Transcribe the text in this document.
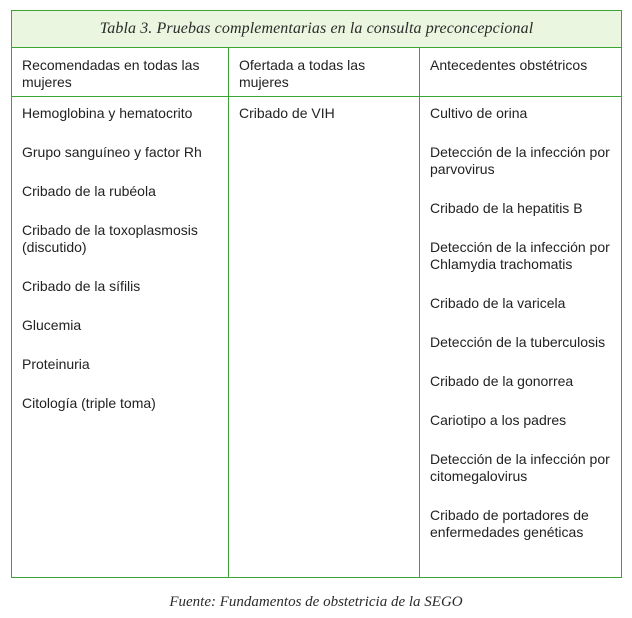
Tabla 3. Pruebas complementarias en la consulta preconcepcional
Recomendadas en todas las mujeres
Ofertada a todas las mujeres
Antecedentes obstétricos
Hemoglobina y hematocrito
Grupo sanguíneo y factor Rh
Cribado de la rubéola
Cribado de la toxoplasmosis (discutido)
Cribado de la sífilis
Glucemia
Proteinuria
Citología (triple toma)
Cribado de VIH	Cultivo de orina
Detección de la infección por parvovirus
Cribado de la hepatitis B
Detección de la infección por Chlamydia trachomatis
Cribado de la varicela
Detección de la tuberculosis
Cribado de la gonorrea
Cariotipo a los padres
Detección de la infección por citomegalovirus
Cribado de portadores de enfermedades genéticas
Fuente: Fundamentos de obstetricia de la SEGO
